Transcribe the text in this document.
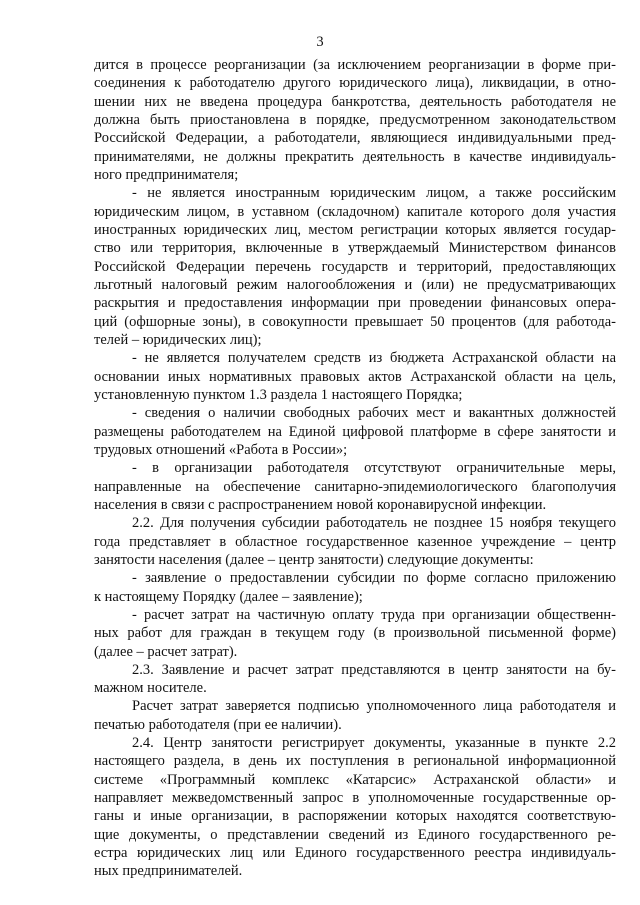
3
дится в процессе реорганизации (за исключением реорганизации в форме при-
соединения к работодателю другого юридического лица), ликвидации, в отно-
шении них не введена процедура банкротства, деятельность работодателя не
должна быть приостановлена в порядке, предусмотренном законодательством
Российской Федерации, а работодатели, являющиеся индивидуальными пред-
принимателями, не должны прекратить деятельность в качестве индивидуаль-
ного предпринимателя;
- не является иностранным юридическим лицом, а также российским
юридическим лицом, в уставном (складочном) капитале которого доля участия
иностранных юридических лиц, местом регистрации которых является государ-
ство или территория, включенные в утверждаемый Министерством финансов
Российской Федерации перечень государств и территорий, предоставляющих
льготный налоговый режим налогообложения и (или) не предусматривающих
раскрытия и предоставления информации при проведении финансовых опера-
ций (офшорные зоны), в совокупности превышает 50 процентов (для работода-
телей – юридических лиц);
- не является получателем средств из бюджета Астраханской области на
основании иных нормативных правовых актов Астраханской области на цель,
установленную пунктом 1.3 раздела 1 настоящего Порядка;
- сведения о наличии свободных рабочих мест и вакантных должностей
размещены работодателем на Единой цифровой платформе в сфере занятости и
трудовых отношений «Работа в России»;
- в организации работодателя отсутствуют ограничительные меры,
направленные на обеспечение санитарно-эпидемиологического благополучия
населения в связи с распространением новой коронавирусной инфекции.
2.2. Для получения субсидии работодатель не позднее 15 ноября текущего
года представляет в областное государственное казенное учреждение – центр
занятости населения (далее – центр занятости) следующие документы:
- заявление о предоставлении субсидии по форме согласно приложению
к настоящему Порядку (далее – заявление);
- расчет затрат на частичную оплату труда при организации общественн-
ных работ для граждан в текущем году (в произвольной письменной форме)
(далее – расчет затрат).
2.3. Заявление и расчет затрат представляются в центр занятости на бу-
мажном носителе.
Расчет затрат заверяется подписью уполномоченного лица работодателя и
печатью работодателя (при ее наличии).
2.4. Центр занятости регистрирует документы, указанные в пункте 2.2
настоящего раздела, в день их поступления в региональной информационной
системе «Программный комплекс «Катарсис» Астраханской области» и
направляет межведомственный запрос в уполномоченные государственные ор-
ганы и иные организации, в распоряжении которых находятся соответствую-
щие документы, о представлении сведений из Единого государственного ре-
естра юридических лиц или Единого государственного реестра индивидуаль-
ных предпринимателей.
